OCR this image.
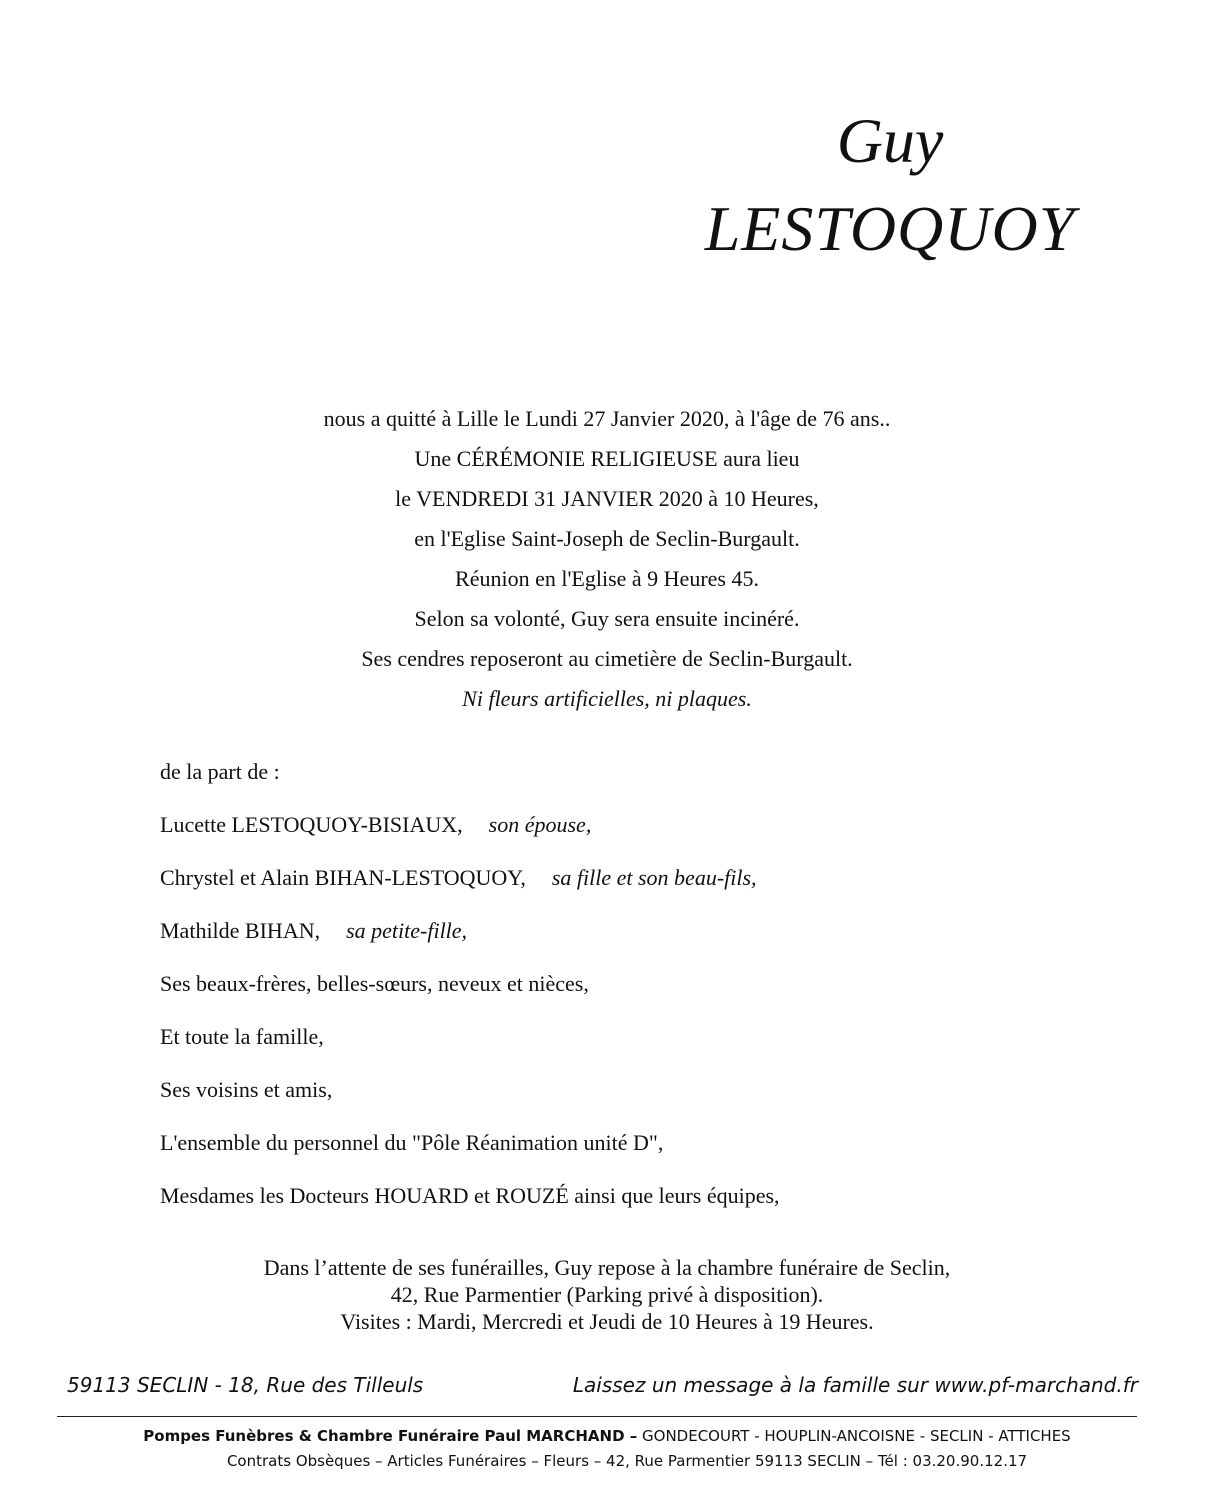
Guy
LESTOQUOY
nous a quitté à Lille le Lundi 27 Janvier 2020, à l'âge de 76 ans..
Une CÉRÉMONIE RELIGIEUSE aura lieu
le VENDREDI 31 JANVIER 2020 à 10 Heures,
en l'Eglise Saint-Joseph de Seclin-Burgault.
Réunion en l'Eglise à 9 Heures 45.
Selon sa volonté, Guy sera ensuite incinéré.
Ses cendres reposeront au cimetière de Seclin-Burgault.
Ni fleurs artificielles, ni plaques.
de la part de :
Lucette LESTOQUOY-BISIAUX, son épouse,
Chrystel et Alain BIHAN-LESTOQUOY, sa fille et son beau-fils,
Mathilde BIHAN, sa petite-fille,
Ses beaux-frères, belles-sœurs, neveux et nièces,
Et toute la famille,
Ses voisins et amis,
L'ensemble du personnel du "Pôle Réanimation unité D",
Mesdames les Docteurs HOUARD et ROUZÉ ainsi que leurs équipes,
Dans l’attente de ses funérailles, Guy repose à la chambre funéraire de Seclin,
42, Rue Parmentier (Parking privé à disposition).
Visites : Mardi, Mercredi et Jeudi de 10 Heures à 19 Heures.
59113 SECLIN - 18, Rue des Tilleuls	Laissez un message à la famille sur www.pf-marchand.fr
Pompes Funèbres & Chambre Funéraire Paul MARCHAND – GONDECOURT - HOUPLIN-ANCOISNE - SECLIN - ATTICHES
Contrats Obsèques – Articles Funéraires – Fleurs – 42, Rue Parmentier 59113 SECLIN – Tél : 03.20.90.12.17
